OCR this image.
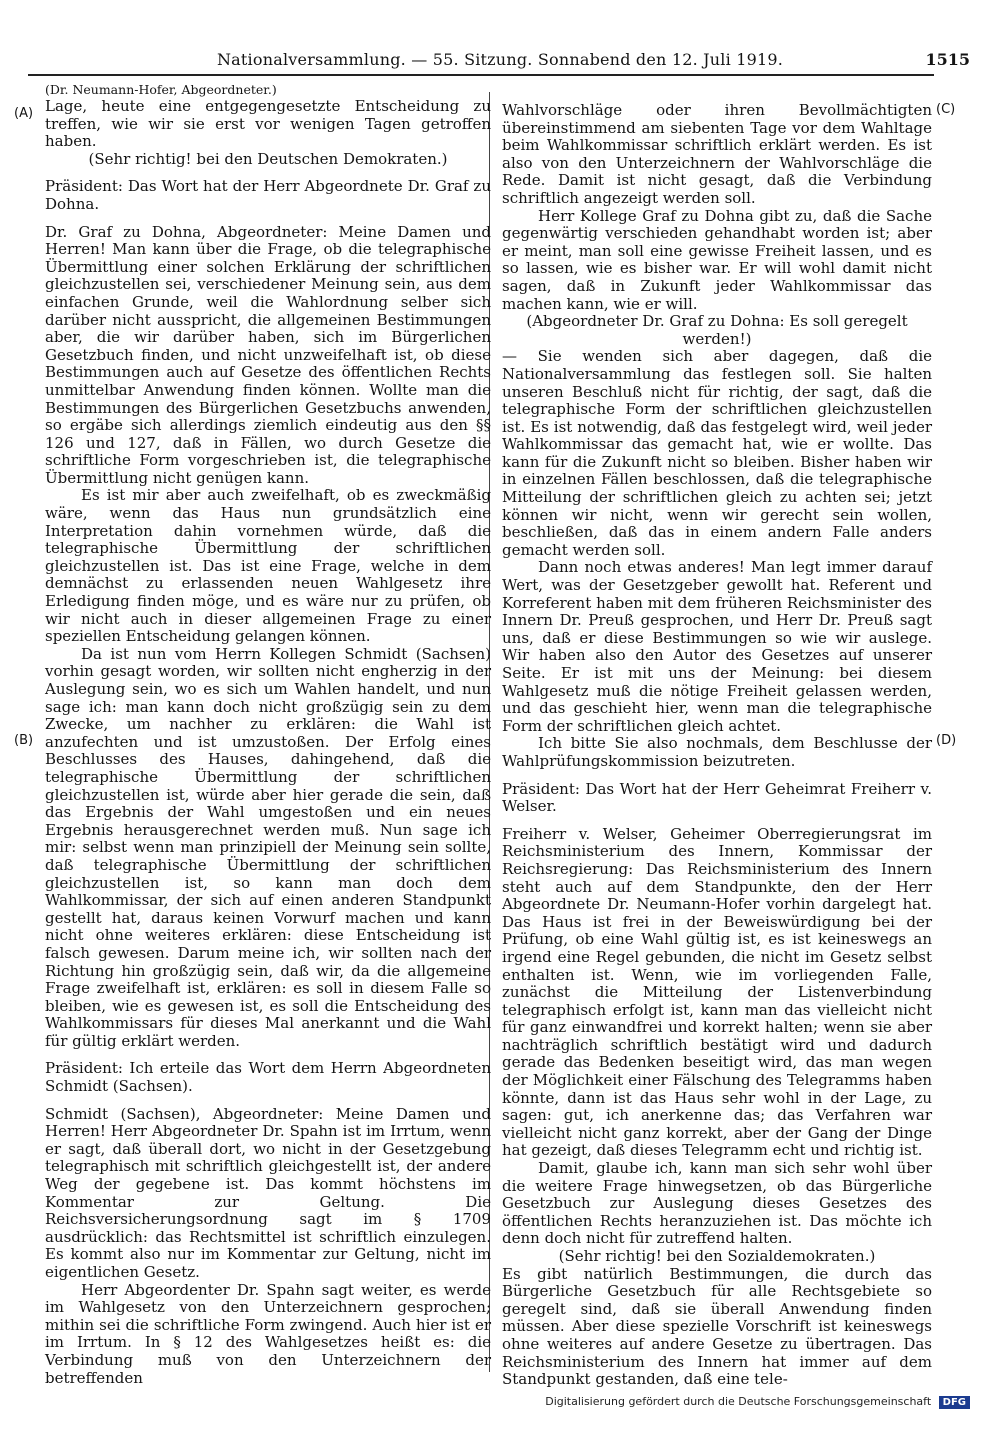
Nationalversammlung. — 55. Sitzung. Sonnabend den 12. Juli 1919.	1515
(A)
(B)
(C)
(D)

(Dr. Neumann-Hofer, Abgeordneter.)

Lage, heute eine entgegengesetzte Entscheidung zu treffen, wie wir sie erst vor wenigen Tagen getroffen haben.

(Sehr richtig! bei den Deutschen Demokraten.)

Präsident: Das Wort hat der Herr Abgeordnete Dr. Graf zu Dohna.

Dr. Graf zu Dohna, Abgeordneter: Meine Damen und Herren! Man kann über die Frage, ob die telegraphische Übermittlung einer solchen Erklärung der schriftlichen gleichzustellen sei, verschiedener Meinung sein, aus dem einfachen Grunde, weil die Wahlordnung selber sich darüber nicht ausspricht, die allgemeinen Bestimmungen aber, die wir darüber haben, sich im Bürgerlichen Gesetzbuch finden, und nicht unzweifelhaft ist, ob diese Bestimmungen auch auf Gesetze des öffentlichen Rechts unmittelbar Anwendung finden können. Wollte man die Bestimmungen des Bürgerlichen Gesetzbuchs anwenden, so ergäbe sich allerdings ziemlich eindeutig aus den §§ 126 und 127, daß in Fällen, wo durch Gesetze die schriftliche Form vorgeschrieben ist, die telegraphische Übermittlung nicht genügen kann.

Es ist mir aber auch zweifelhaft, ob es zweckmäßig wäre, wenn das Haus nun grundsätzlich eine Interpretation dahin vornehmen würde, daß die telegraphische Übermittlung der schriftlichen gleichzustellen ist. Das ist eine Frage, welche in dem demnächst zu erlassenden neuen Wahlgesetz ihre Erledigung finden möge, und es wäre nur zu prüfen, ob wir nicht auch in dieser allgemeinen Frage zu einer speziellen Entscheidung gelangen können.

Da ist nun vom Herrn Kollegen Schmidt (Sachsen) vorhin gesagt worden, wir sollten nicht engherzig in der Auslegung sein, wo es sich um Wahlen handelt, und nun sage ich: man kann doch nicht großzügig sein zu dem Zwecke, um nachher zu erklären: die Wahl ist anzufechten und ist umzustoßen. Der Erfolg eines Beschlusses des Hauses, dahingehend, daß die telegraphische Übermittlung der schriftlichen gleichzustellen ist, würde aber hier gerade die sein, daß das Ergebnis der Wahl umgestoßen und ein neues Ergebnis herausgerechnet werden muß. Nun sage ich mir: selbst wenn man prinzipiell der Meinung sein sollte, daß telegraphische Übermittlung der schriftlichen gleichzustellen ist, so kann man doch dem Wahlkommissar, der sich auf einen anderen Standpunkt gestellt hat, daraus keinen Vorwurf machen und kann nicht ohne weiteres erklären: diese Entscheidung ist falsch gewesen. Darum meine ich, wir sollten nach der Richtung hin großzügig sein, daß wir, da die allgemeine Frage zweifelhaft ist, erklären: es soll in diesem Falle so bleiben, wie es gewesen ist, es soll die Entscheidung des Wahlkommissars für dieses Mal anerkannt und die Wahl für gültig erklärt werden.

Präsident: Ich erteile das Wort dem Herrn Abgeordneten Schmidt (Sachsen).

Schmidt (Sachsen), Abgeordneter: Meine Damen und Herren! Herr Abgeordneter Dr. Spahn ist im Irrtum, wenn er sagt, daß überall dort, wo nicht in der Gesetzgebung telegraphisch mit schriftlich gleichgestellt ist, der andere Weg der gegebene ist. Das kommt höchstens im Kommentar zur Geltung. Die Reichsversicherungsordnung sagt im § 1709 ausdrücklich: das Rechtsmittel ist schriftlich einzulegen. Es kommt also nur im Kommentar zur Geltung, nicht im eigentlichen Gesetz.

Herr Abgeordenter Dr. Spahn sagt weiter, es werde im Wahlgesetz von den Unterzeichnern gesprochen; mithin sei die schriftliche Form zwingend. Auch hier ist er im Irrtum. In § 12 des Wahlgesetzes heißt es: die Verbindung muß von den Unterzeichnern der betreffenden

Wahlvorschläge oder ihren Bevollmächtigten übereinstimmend am siebenten Tage vor dem Wahltage beim Wahlkommissar schriftlich erklärt werden. Es ist also von den Unterzeichnern der Wahlvorschläge die Rede. Damit ist nicht gesagt, daß die Verbindung schriftlich angezeigt werden soll.

Herr Kollege Graf zu Dohna gibt zu, daß die Sache gegenwärtig verschieden gehandhabt worden ist; aber er meint, man soll eine gewisse Freiheit lassen, und es so lassen, wie es bisher war. Er will wohl damit nicht sagen, daß in Zukunft jeder Wahlkommissar das machen kann, wie er will.

(Abgeordneter Dr. Graf zu Dohna: Es soll geregelt werden!)

— Sie wenden sich aber dagegen, daß die Nationalversammlung das festlegen soll. Sie halten unseren Beschluß nicht für richtig, der sagt, daß die telegraphische Form der schriftlichen gleichzustellen ist. Es ist notwendig, daß das festgelegt wird, weil jeder Wahlkommissar das gemacht hat, wie er wollte. Das kann für die Zukunft nicht so bleiben. Bisher haben wir in einzelnen Fällen beschlossen, daß die telegraphische Mitteilung der schriftlichen gleich zu achten sei; jetzt können wir nicht, wenn wir gerecht sein wollen, beschließen, daß das in einem andern Falle anders gemacht werden soll.

Dann noch etwas anderes! Man legt immer darauf Wert, was der Gesetzgeber gewollt hat. Referent und Korreferent haben mit dem früheren Reichsminister des Innern Dr. Preuß gesprochen, und Herr Dr. Preuß sagt uns, daß er diese Bestimmungen so wie wir auslege. Wir haben also den Autor des Gesetzes auf unserer Seite. Er ist mit uns der Meinung: bei diesem Wahlgesetz muß die nötige Freiheit gelassen werden, und das geschieht hier, wenn man die telegraphische Form der schriftlichen gleich achtet.

Ich bitte Sie also nochmals, dem Beschlusse der Wahlprüfungskommission beizutreten.

Präsident: Das Wort hat der Herr Geheimrat Freiherr v. Welser.

Freiherr v. Welser, Geheimer Oberregierungsrat im Reichsministerium des Innern, Kommissar der Reichsregierung: Das Reichsministerium des Innern steht auch auf dem Standpunkte, den der Herr Abgeordnete Dr. Neumann-Hofer vorhin dargelegt hat. Das Haus ist frei in der Beweiswürdigung bei der Prüfung, ob eine Wahl gültig ist, es ist keineswegs an irgend eine Regel gebunden, die nicht im Gesetz selbst enthalten ist. Wenn, wie im vorliegenden Falle, zunächst die Mitteilung der Listenverbindung telegraphisch erfolgt ist, kann man das vielleicht nicht für ganz einwandfrei und korrekt halten; wenn sie aber nachträglich schriftlich bestätigt wird und dadurch gerade das Bedenken beseitigt wird, das man wegen der Möglichkeit einer Fälschung des Telegramms haben könnte, dann ist das Haus sehr wohl in der Lage, zu sagen: gut, ich anerkenne das; das Verfahren war vielleicht nicht ganz korrekt, aber der Gang der Dinge hat gezeigt, daß dieses Telegramm echt und richtig ist.

Damit, glaube ich, kann man sich sehr wohl über die weitere Frage hinwegsetzen, ob das Bürgerliche Gesetzbuch zur Auslegung dieses Gesetzes des öffentlichen Rechts heranzuziehen ist. Das möchte ich denn doch nicht für zutreffend halten.

(Sehr richtig! bei den Sozialdemokraten.)

Es gibt natürlich Bestimmungen, die durch das Bürgerliche Gesetzbuch für alle Rechtsgebiete so geregelt sind, daß sie überall Anwendung finden müssen. Aber diese spezielle Vorschrift ist keineswegs ohne weiteres auf andere Gesetze zu übertragen. Das Reichsministerium des Innern hat immer auf dem Standpunkt gestanden, daß eine tele-

Digitalisierung gefördert durch die Deutsche Forschungsgemeinschaft DFG
